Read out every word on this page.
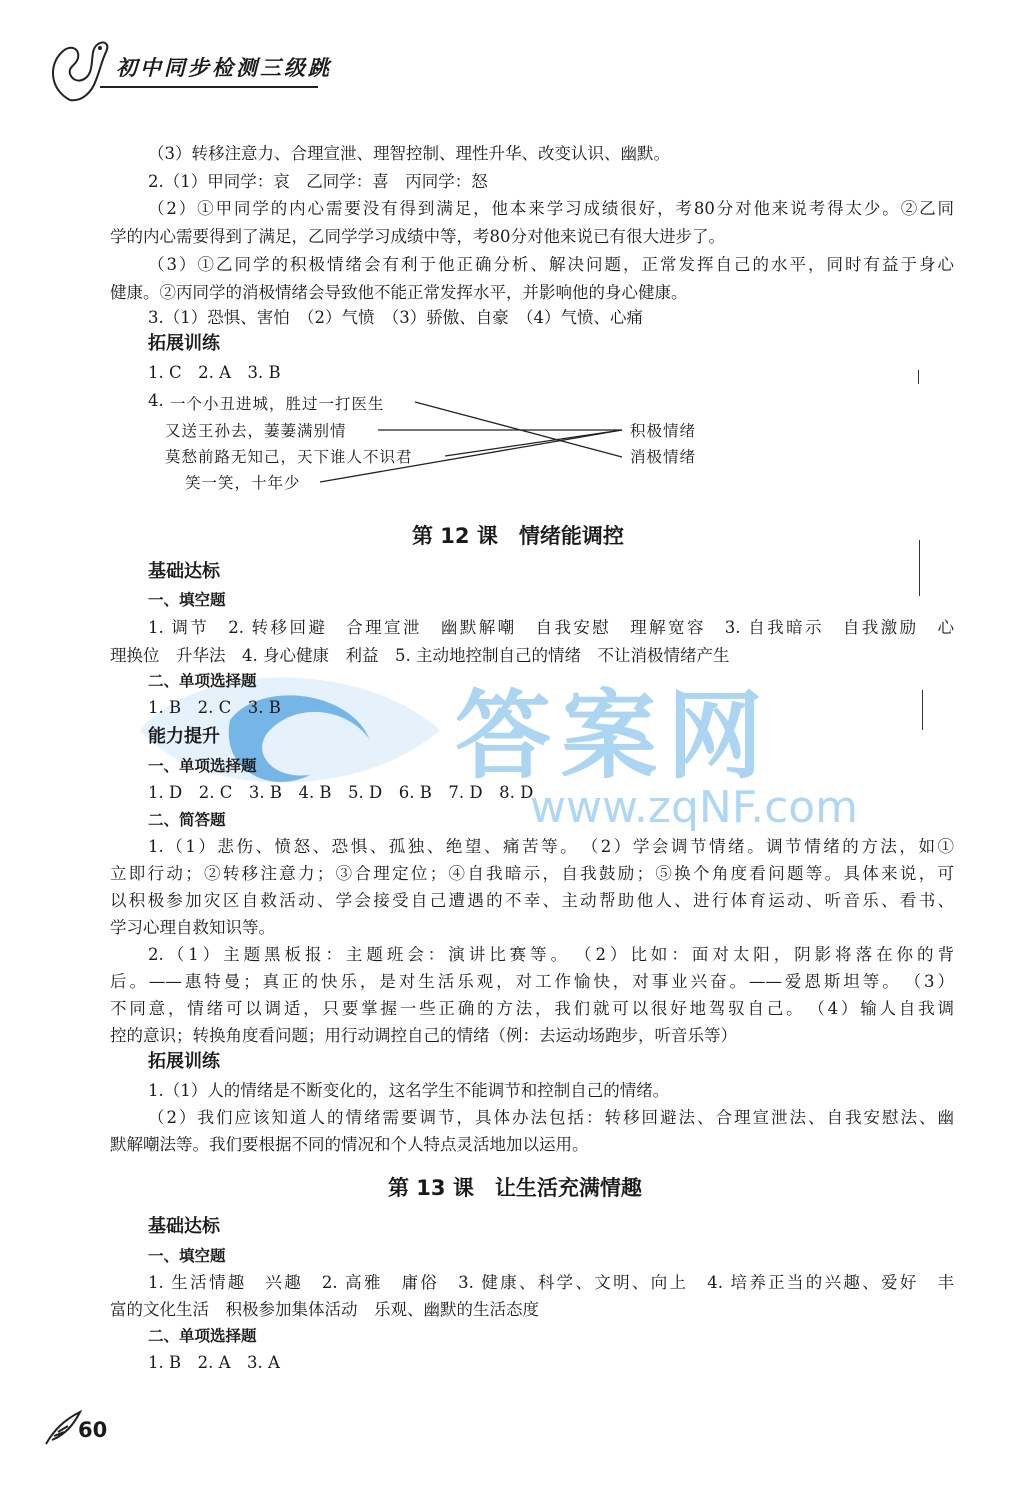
初中同步检测三级跳
答案网
www.zqNF.com
（3）转移注意力、合理宣泄、理智控制、理性升华、改变认识、幽默。
2.（1）甲同学：哀　乙同学：喜　丙同学：怒
（2）①甲同学的内心需要没有得到满足，他本来学习成绩很好，考80分对他来说考得太少。②乙同
学的内心需要得到了满足，乙同学学习成绩中等，考80分对他来说已有很大进步了。
（3）①乙同学的积极情绪会有利于他正确分析、解决问题，正常发挥自己的水平，同时有益于身心
健康。②丙同学的消极情绪会导致他不能正常发挥水平，并影响他的身心健康。
3.（1）恐惧、害怕　（2）气愤　（3）骄傲、自豪　（4）气愤、心痛
拓展训练
1. C　2. A　3. B
4. 一个小丑进城，胜过一打医生
又送王孙去，萋萋满别情
莫愁前路无知己，天下谁人不识君
笑一笑，十年少
积极情绪
消极情绪
第 12 课　情绪能调控
基础达标
一、填空题
1. 调节　2. 转移回避　合理宣泄　幽默解嘲　自我安慰　理解宽容　3. 自我暗示　自我激励　心
理换位　升华法　4. 身心健康　利益　5. 主动地控制自己的情绪　不让消极情绪产生
二、单项选择题
1. B　2. C　3. B
能力提升
一、单项选择题
1. D　2. C　3. B　4. B　5. D　6. B　7. D　8. D
二、简答题
1.（1）悲伤、愤怒、恐惧、孤独、绝望、痛苦等。　（2）学会调节情绪。调节情绪的方法，如①
立即行动；②转移注意力；③合理定位；④自我暗示，自我鼓励；⑤换个角度看问题等。具体来说，可
以积极参加灾区自救活动、学会接受自己遭遇的不幸、主动帮助他人、进行体育运动、听音乐、看书、
学习心理自救知识等。
2.（1）主题黑板报：主题班会：演讲比赛等。　（2）比如：面对太阳，阴影将落在你的背
后。——惠特曼；真正的快乐，是对生活乐观，对工作愉快，对事业兴奋。——爱恩斯坦等。　（3）
不同意，情绪可以调适，只要掌握一些正确的方法，我们就可以很好地驾驭自己。　（4）输人自我调
控的意识；转换角度看问题；用行动调控自己的情绪（例：去运动场跑步，听音乐等）
拓展训练
1.（1）人的情绪是不断变化的，这名学生不能调节和控制自己的情绪。
（2）我们应该知道人的情绪需要调节，具体办法包括：转移回避法、合理宣泄法、自我安慰法、幽
默解嘲法等。我们要根据不同的情况和个人特点灵活地加以运用。
第 13 课　让生活充满情趣
基础达标
一、填空题
1. 生活情趣　兴趣　2. 高雅　庸俗　3. 健康、科学、文明、向上　4. 培养正当的兴趣、爱好　丰
富的文化生活　积极参加集体活动　乐观、幽默的生活态度
二、单项选择题
1. B　2. A　3. A
60
